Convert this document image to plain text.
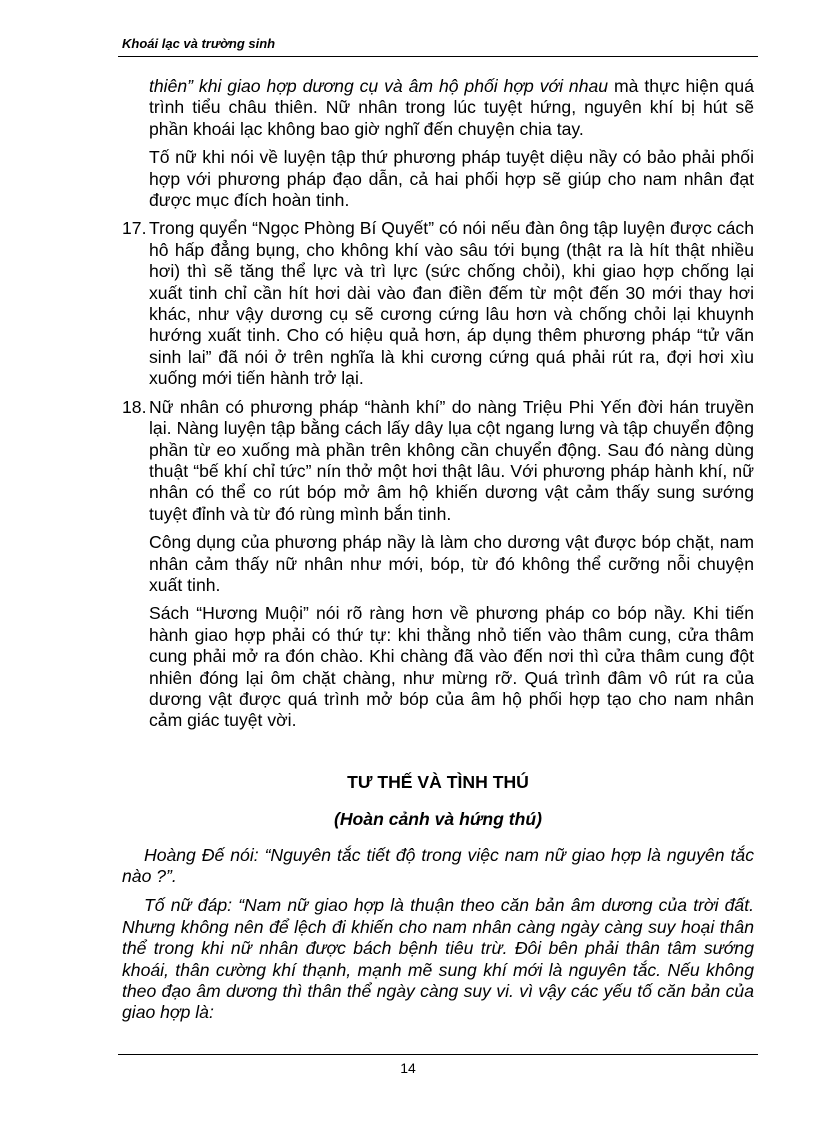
Khoái lạc và trường sinh

thiên” khi giao hợp dương cụ và âm hộ phối hợp với nhau mà thực hiện quá trình tiểu châu thiên. Nữ nhân trong lúc tuyệt hứng, nguyên khí bị hút sẽ phần khoái lạc không bao giờ nghĩ đến chuyện chia tay.

Tố nữ khi nói về luyện tập thứ phương pháp tuyệt diệu nầy có bảo phải phối hợp với phương pháp đạo dẫn, cả hai phối hợp sẽ giúp cho nam nhân đạt được mục đích hoàn tinh.

17. Trong quyển “Ngọc Phòng Bí Quyết” có nói nếu đàn ông tập luyện được cách hô hấp đẳng bụng, cho không khí vào sâu tới bụng (thật ra là hít thật nhiều hơi) thì sẽ tăng thể lực và trì lực (sức chống chỏi), khi giao hợp chống lại xuất tinh chỉ cần hít hơi dài vào đan điền đếm từ một đến 30 mới thay hơi khác, như vậy dương cụ sẽ cương cứng lâu hơn và chống chỏi lại khuynh hướng xuất tinh. Cho có hiệu quả hơn, áp dụng thêm phương pháp “tử vãn sinh lai” đã nói ở trên nghĩa là khi cương cứng quá phải rút ra, đợi hơi xìu xuống mới tiến hành trở lại.
18. Nữ nhân có phương pháp “hành khí” do nàng Triệu Phi Yến đời hán truyền lại. Nàng luyện tập bằng cách lấy dây lụa cột ngang lưng và tập chuyển động phần từ eo xuống mà phần trên không cần chuyển động. Sau đó nàng dùng thuật “bế khí chỉ tức” nín thở một hơi thật lâu. Với phương pháp hành khí, nữ nhân có thể co rút bóp mở âm hộ khiến dương vật cảm thấy sung sướng tuyệt đỉnh và từ đó rùng mình bắn tinh.

Công dụng của phương pháp nầy là làm cho dương vật được bóp chặt, nam nhân cảm thấy nữ nhân như mới, bóp, từ đó không thể cưỡng nỗi chuyện xuất tinh.

Sách “Hương Muội” nói rõ ràng hơn về phương pháp co bóp nầy. Khi tiến hành giao hợp phải có thứ tự: khi thằng nhỏ tiến vào thâm cung, cửa thâm cung phải mở ra đón chào. Khi chàng đã vào đến nơi thì cửa thâm cung đột nhiên đóng lại ôm chặt chàng, như mừng rỡ. Quá trình đâm vô rút ra của dương vật được quá trình mở bóp của âm hộ phối hợp tạo cho nam nhân cảm giác tuyệt vời.

TƯ THẾ VÀ TÌNH THÚ

(Hoàn cảnh và hứng thú)

Hoàng Đế nói: “Nguyên tắc tiết độ trong việc nam nữ giao hợp là nguyên tắc nào ?”.

Tố nữ đáp: “Nam nữ giao hợp là thuận theo căn bản âm dương của trời đất. Nhưng không nên để lệch đi khiến cho nam nhân càng ngày càng suy hoại thân thể trong khi nữ nhân được bách bệnh tiêu trừ. Đôi bên phải thân tâm sướng khoái, thân cường khí thạnh, mạnh mẽ sung khí mới là nguyên tắc. Nếu không theo đạo âm dương thì thân thể ngày càng suy vi. vì vậy các yếu tố căn bản của giao hợp là:

14
